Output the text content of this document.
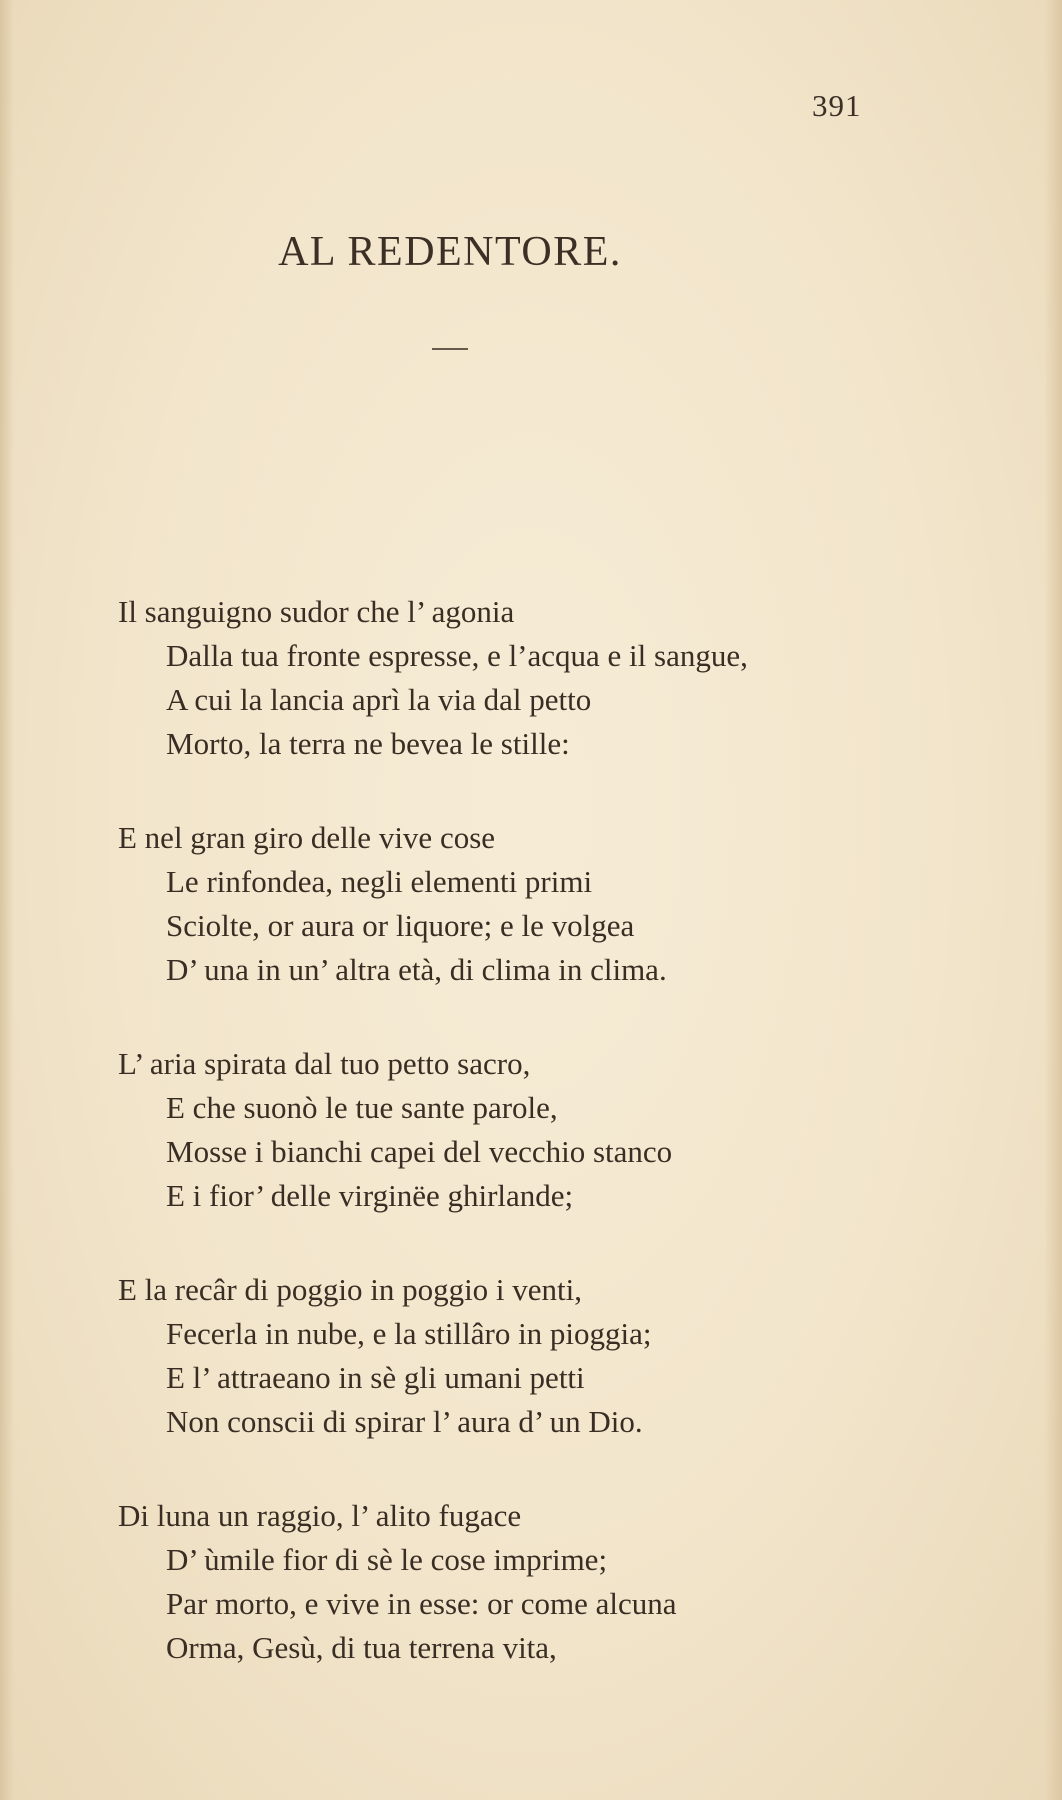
391
AL REDENTORE.
Il sanguigno sudor che l’ agonia
Dalla tua fronte espresse, e l’acqua e il sangue,
A cui la lancia aprì la via dal petto
Morto, la terra ne bevea le stille:
E nel gran giro delle vive cose
Le rinfondea, negli elementi primi
Sciolte, or aura or liquore; e le volgea
D’ una in un’ altra età, di clima in clima.
L’ aria spirata dal tuo petto sacro,
E che suonò le tue sante parole,
Mosse i bianchi capei del vecchio stanco
E i fior’ delle virginëe ghirlande;
E la recâr di poggio in poggio i venti,
Fecerla in nube, e la stillâro in pioggia;
E l’ attraeano in sè gli umani petti
Non conscii di spirar l’ aura d’ un Dio.
Di luna un raggio, l’ alito fugace
D’ ùmile fior di sè le cose imprime;
Par morto, e vive in esse: or come alcuna
Orma, Gesù, di tua terrena vita,
